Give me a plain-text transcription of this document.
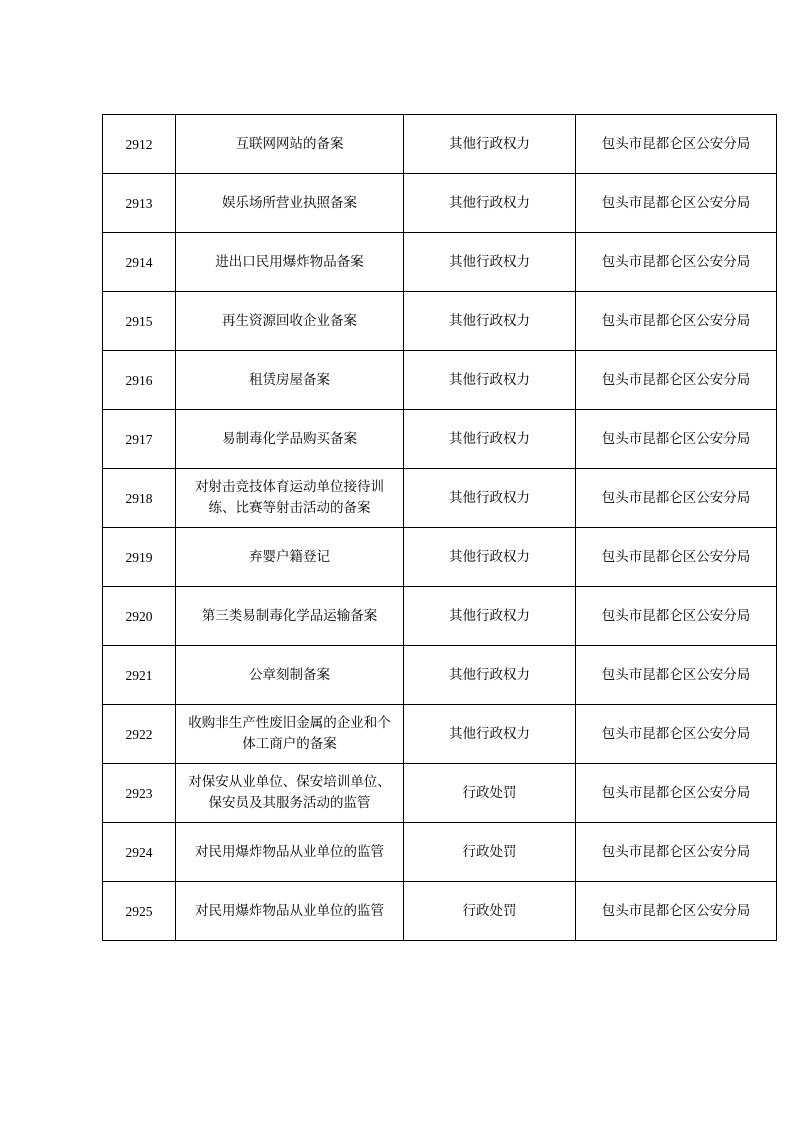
2912	互联网网站的备案	其他行政权力	包头市昆都仑区公安分局
2913	娱乐场所营业执照备案	其他行政权力	包头市昆都仑区公安分局
2914	进出口民用爆炸物品备案	其他行政权力	包头市昆都仑区公安分局
2915	再生资源回收企业备案	其他行政权力	包头市昆都仑区公安分局
2916	租赁房屋备案	其他行政权力	包头市昆都仑区公安分局
2917	易制毒化学品购买备案	其他行政权力	包头市昆都仑区公安分局
2918	对射击竞技体育运动单位接待训练、比赛等射击活动的备案	其他行政权力	包头市昆都仑区公安分局
2919	弃婴户籍登记	其他行政权力	包头市昆都仑区公安分局
2920	第三类易制毒化学品运输备案	其他行政权力	包头市昆都仑区公安分局
2921	公章刻制备案	其他行政权力	包头市昆都仑区公安分局
2922	收购非生产性废旧金属的企业和个体工商户的备案	其他行政权力	包头市昆都仑区公安分局
2923	对保安从业单位、保安培训单位、保安员及其服务活动的监管	行政处罚	包头市昆都仑区公安分局
2924	对民用爆炸物品从业单位的监管	行政处罚	包头市昆都仑区公安分局
2925	对民用爆炸物品从业单位的监管	行政处罚	包头市昆都仑区公安分局
